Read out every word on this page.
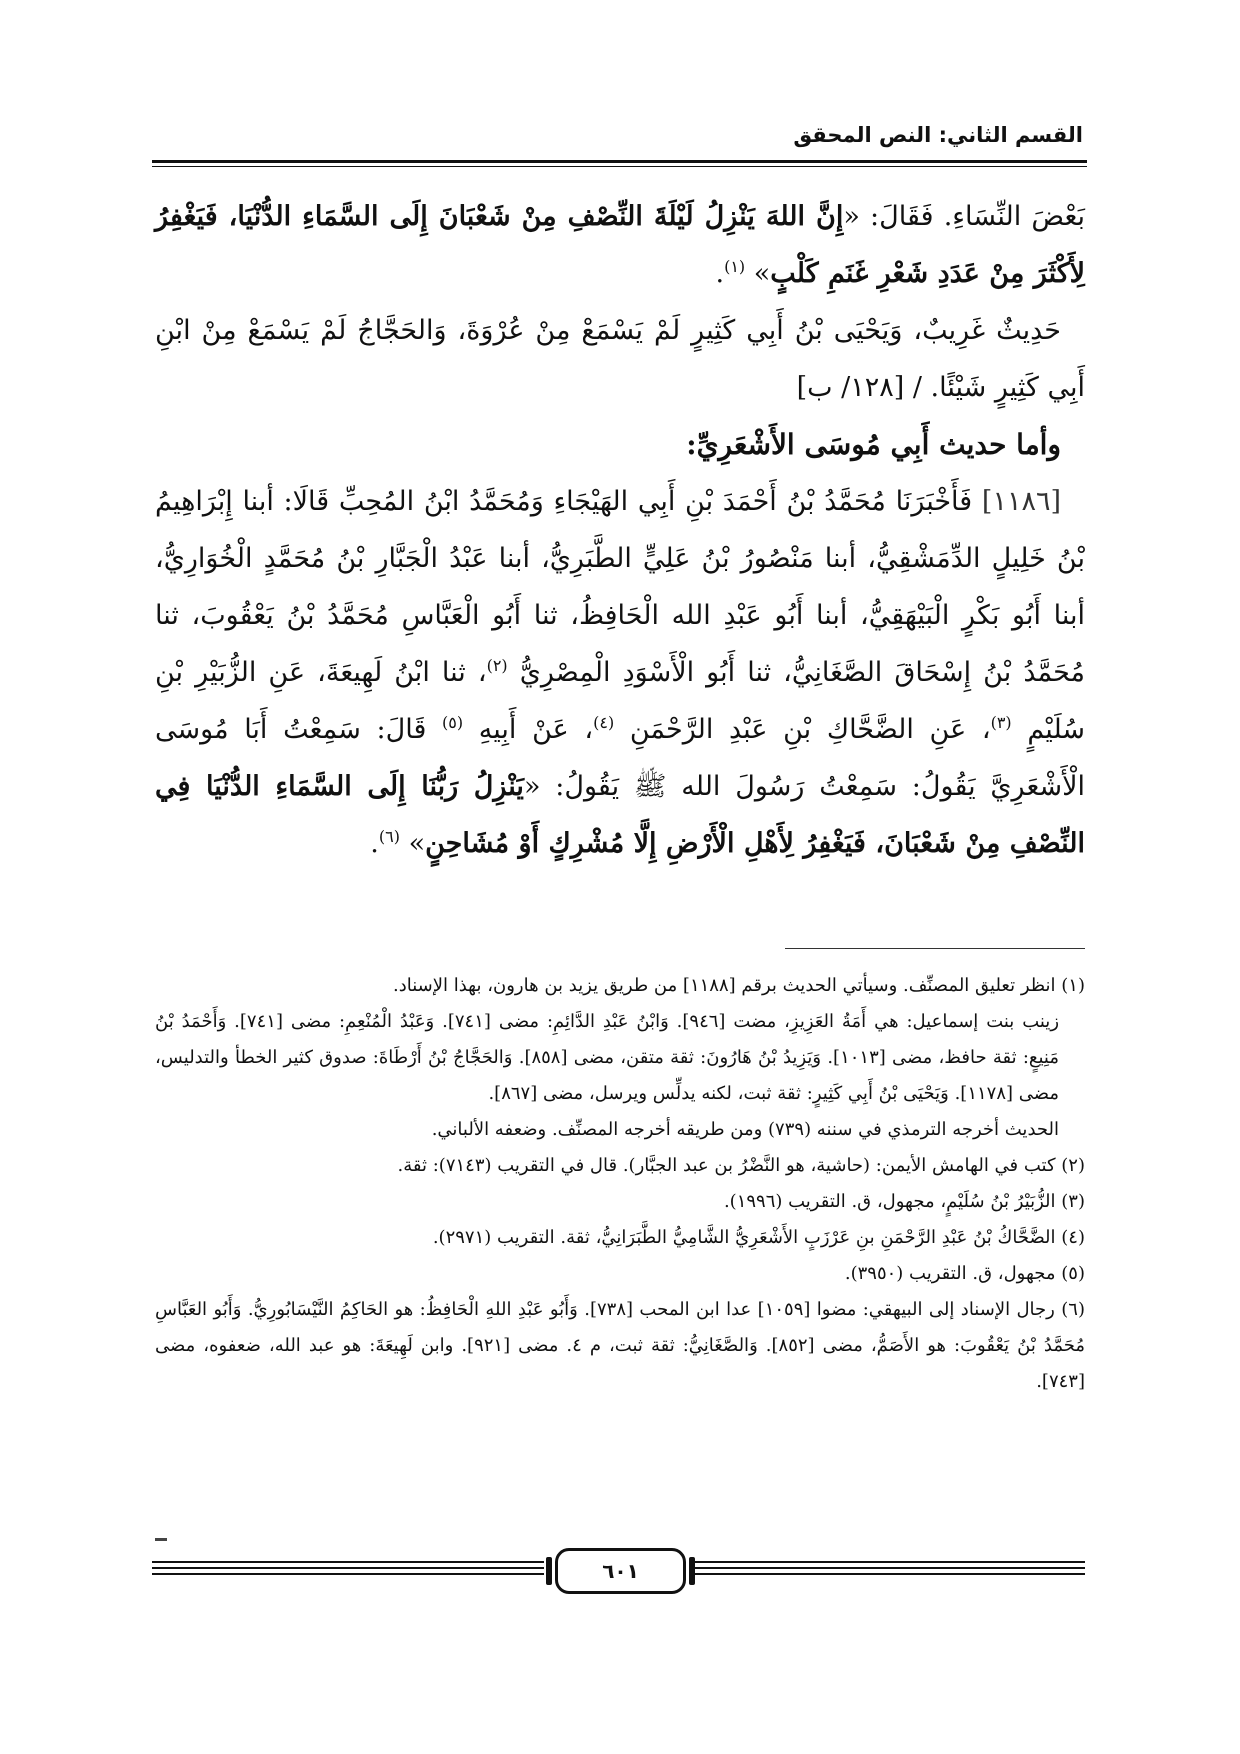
القسم الثاني: النص المحقق

بَعْضَ النِّسَاءِ. فَقَالَ: «إِنَّ اللهَ يَنْزِلُ لَيْلَةَ النِّصْفِ مِنْ شَعْبَانَ إِلَى السَّمَاءِ الدُّنْيَا، فَيَغْفِرُ لِأَكْثَرَ مِنْ عَدَدِ شَعْرِ غَنَمِ كَلْبٍ» $^{(١)}$.

حَدِيثٌ غَرِيبٌ، وَيَحْيَى بْنُ أَبِي كَثِيرٍ لَمْ يَسْمَعْ مِنْ عُرْوَةَ، وَالحَجَّاجُ لَمْ يَسْمَعْ مِنْ ابْنِ أَبِي كَثِيرٍ شَيْئًا. / [١٢٨/ ب]

وأما حديث أَبِي مُوسَى الأَشْعَرِيِّ:

[١١٨٦] فَأَخْبَرَنَا مُحَمَّدُ بْنُ أَحْمَدَ بْنِ أَبِي الهَيْجَاءِ وَمُحَمَّدُ ابْنُ المُحِبِّ قَالَا: أبنا إِبْرَاهِيمُ بْنُ خَلِيلٍ الدِّمَشْقِيُّ، أبنا مَنْصُورُ بْنُ عَلِيٍّ الطَّبَرِيُّ، أبنا عَبْدُ الْجَبَّارِ بْنُ مُحَمَّدٍ الْخُوَارِيُّ، أبنا أَبُو بَكْرٍ الْبَيْهَقِيُّ، أبنا أَبُو عَبْدِ الله الْحَافِظُ، ثنا أَبُو الْعَبَّاسِ مُحَمَّدُ بْنُ يَعْقُوبَ، ثنا مُحَمَّدُ بْنُ إِسْحَاقَ الصَّغَانِيُّ، ثنا أَبُو الْأَسْوَدِ الْمِصْرِيُّ $^{(٢)}$، ثنا ابْنُ لَهِيعَةَ، عَنِ الزُّبَيْرِ بْنِ سُلَيْمٍ $^{(٣)}$، عَنِ الضَّحَّاكِ بْنِ عَبْدِ الرَّحْمَنِ $^{(٤)}$، عَنْ أَبِيهِ $^{(٥)}$ قَالَ: سَمِعْتُ أَبَا مُوسَى الْأَشْعَرِيَّ يَقُولُ: سَمِعْتُ رَسُولَ الله ﷺ يَقُولُ: «يَنْزِلُ رَبُّنَا إِلَى السَّمَاءِ الدُّنْيَا فِي النِّصْفِ مِنْ شَعْبَانَ، فَيَغْفِرُ لِأَهْلِ الْأَرْضِ إِلَّا مُشْرِكٍ أَوْ مُشَاحِنٍ» $^{(٦)}$.

(١) انظر تعليق المصنِّف. وسيأتي الحديث برقم [١١٨٨] من طريق يزيد بن هارون، بهذا الإسناد.

زينب بنت إسماعيل: هي أَمَةُ العَزِيزِ، مضت [٩٤٦]. وَابْنُ عَبْدِ الدَّائِمِ: مضى [٧٤١]. وَعَبْدُ الْمُنْعِمِ: مضى [٧٤١]. وَأَحْمَدُ بْنُ مَنِيعٍ: ثقة حافظ، مضى [١٠١٣]. وَيَزِيدُ بْنُ هَارُونَ: ثقة متقن، مضى [٨٥٨]. وَالحَجَّاجُ بْنُ أَرْطَاةَ: صدوق كثير الخطأ والتدليس، مضى [١١٧٨]. وَيَحْيَى بْنُ أَبِي كَثِيرٍ: ثقة ثبت، لكنه يدلِّس ويرسل، مضى [٨٦٧].

الحديث أخرجه الترمذي في سننه (٧٣٩) ومن طريقه أخرجه المصنِّف. وضعفه الألباني.

(٢) كتب في الهامش الأيمن: (حاشية، هو النَّضْرُ بن عبد الجبَّار). قال في التقريب (٧١٤٣): ثقة.

(٣) الزُّبَيْرُ بْنُ سُلَيْمٍ، مجهول، ق. التقريب (١٩٩٦).

(٤) الضَّحَّاكُ بْنُ عَبْدِ الرَّحْمَنِ بنِ عَرْزَبٍ الأَشْعَرِيُّ الشَّامِيُّ الطَّبَرَانِيُّ، ثقة. التقريب (٢٩٧١).

(٥) مجهول، ق. التقريب (٣٩٥٠).

(٦) رجال الإسناد إلى البيهقي: مضوا [١٠٥٩] عدا ابن المحب [٧٣٨]. وَأَبُو عَبْدِ اللهِ الْحَافِظُ: هو الحَاكِمُ النَّيْسَابُورِيُّ. وَأَبُو العَبَّاسِ مُحَمَّدُ بْنُ يَعْقُوبَ: هو الأَصَمُّ، مضى [٨٥٢]. وَالصَّغَانِيُّ: ثقة ثبت، م ٤. مضى [٩٢١]. وابن لَهِيعَةَ: هو عبد الله، ضعفوه، مضى [٧٤٣].

٦٠١
